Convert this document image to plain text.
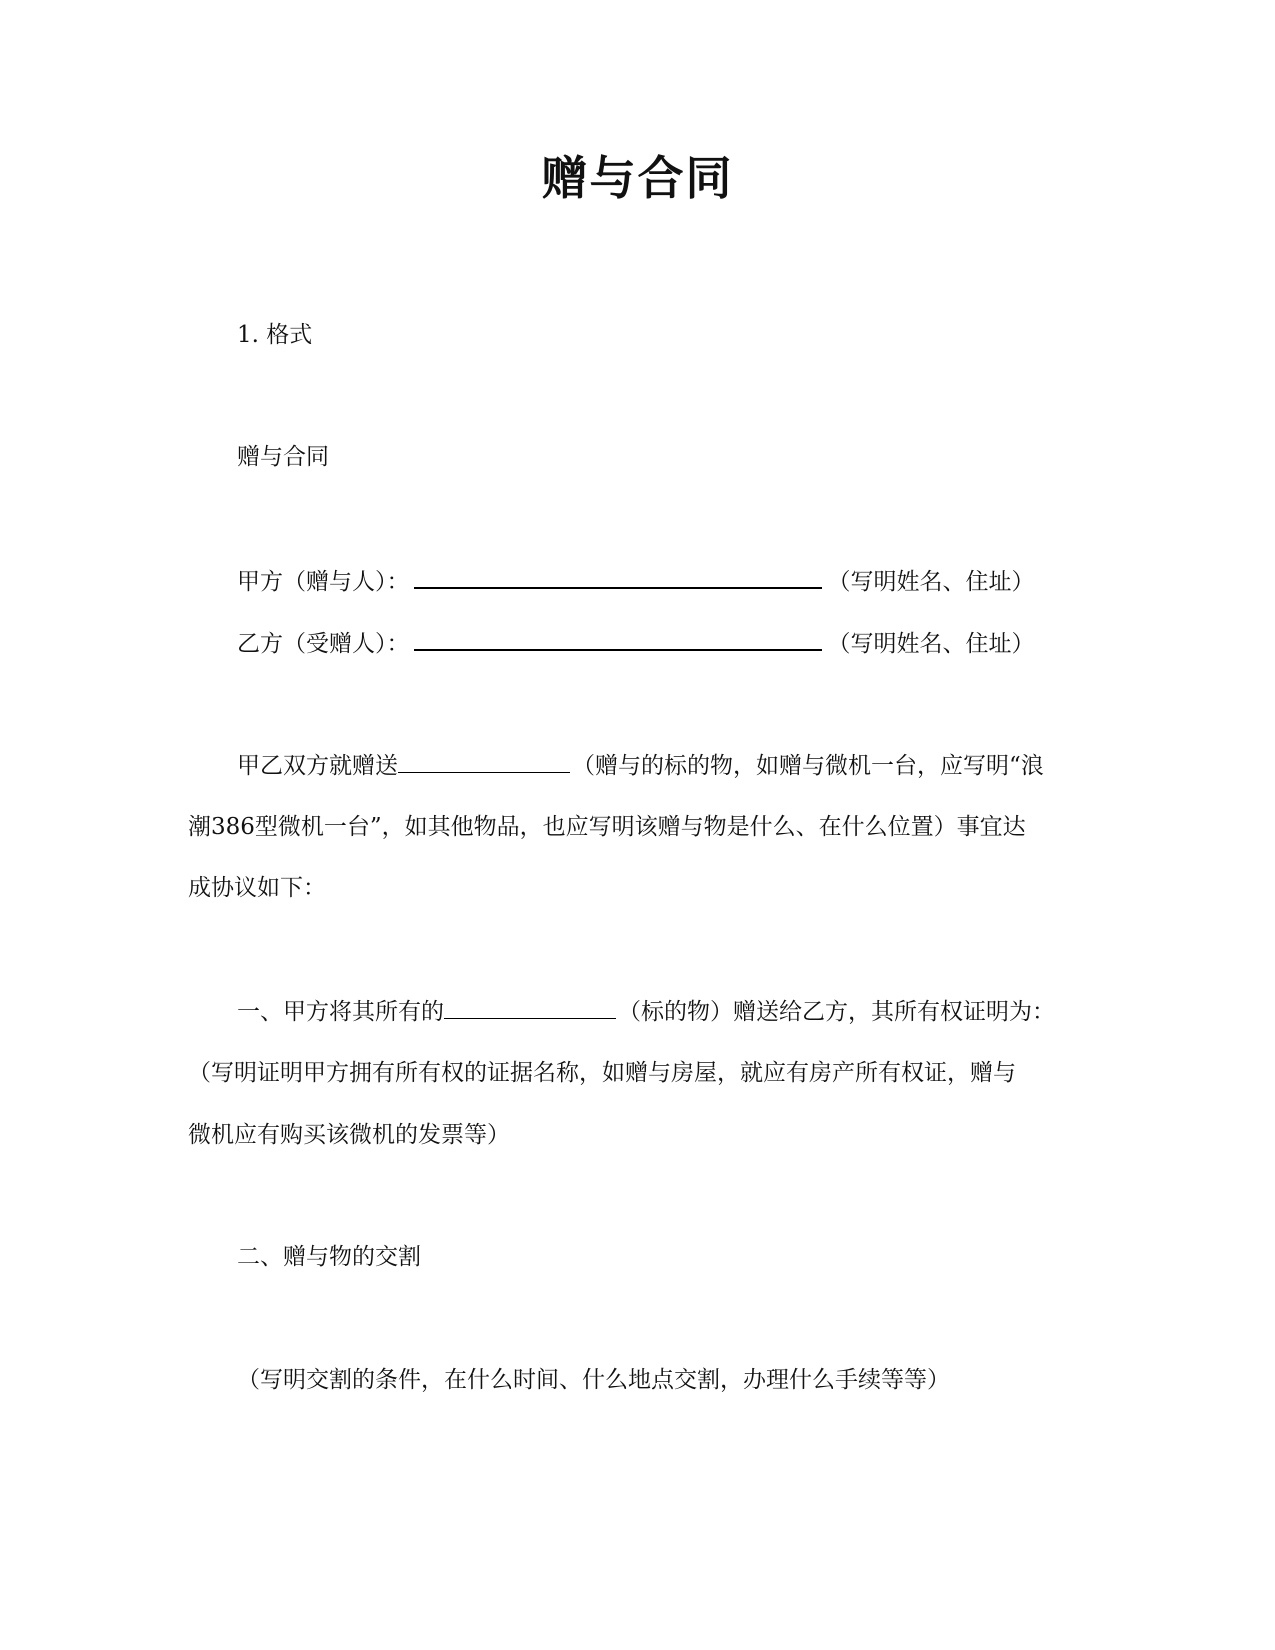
赠与合同

1. 格式

赠与合同

甲方（赠与人）：	（写明姓名、住址）

乙方（受赠人）：	（写明姓名、住址）

甲乙双方就赠送	（赠与的标的物，如赠与微机一台，应写明“浪

潮386型微机一台”，如其他物品，也应写明该赠与物是什么、在什么位置）事宜达

成协议如下：

一、甲方将其所有的	（标的物）赠送给乙方，其所有权证明为：

（写明证明甲方拥有所有权的证据名称，如赠与房屋，就应有房产所有权证，赠与

微机应有购买该微机的发票等）

二、赠与物的交割

（写明交割的条件，在什么时间、什么地点交割，办理什么手续等等）
